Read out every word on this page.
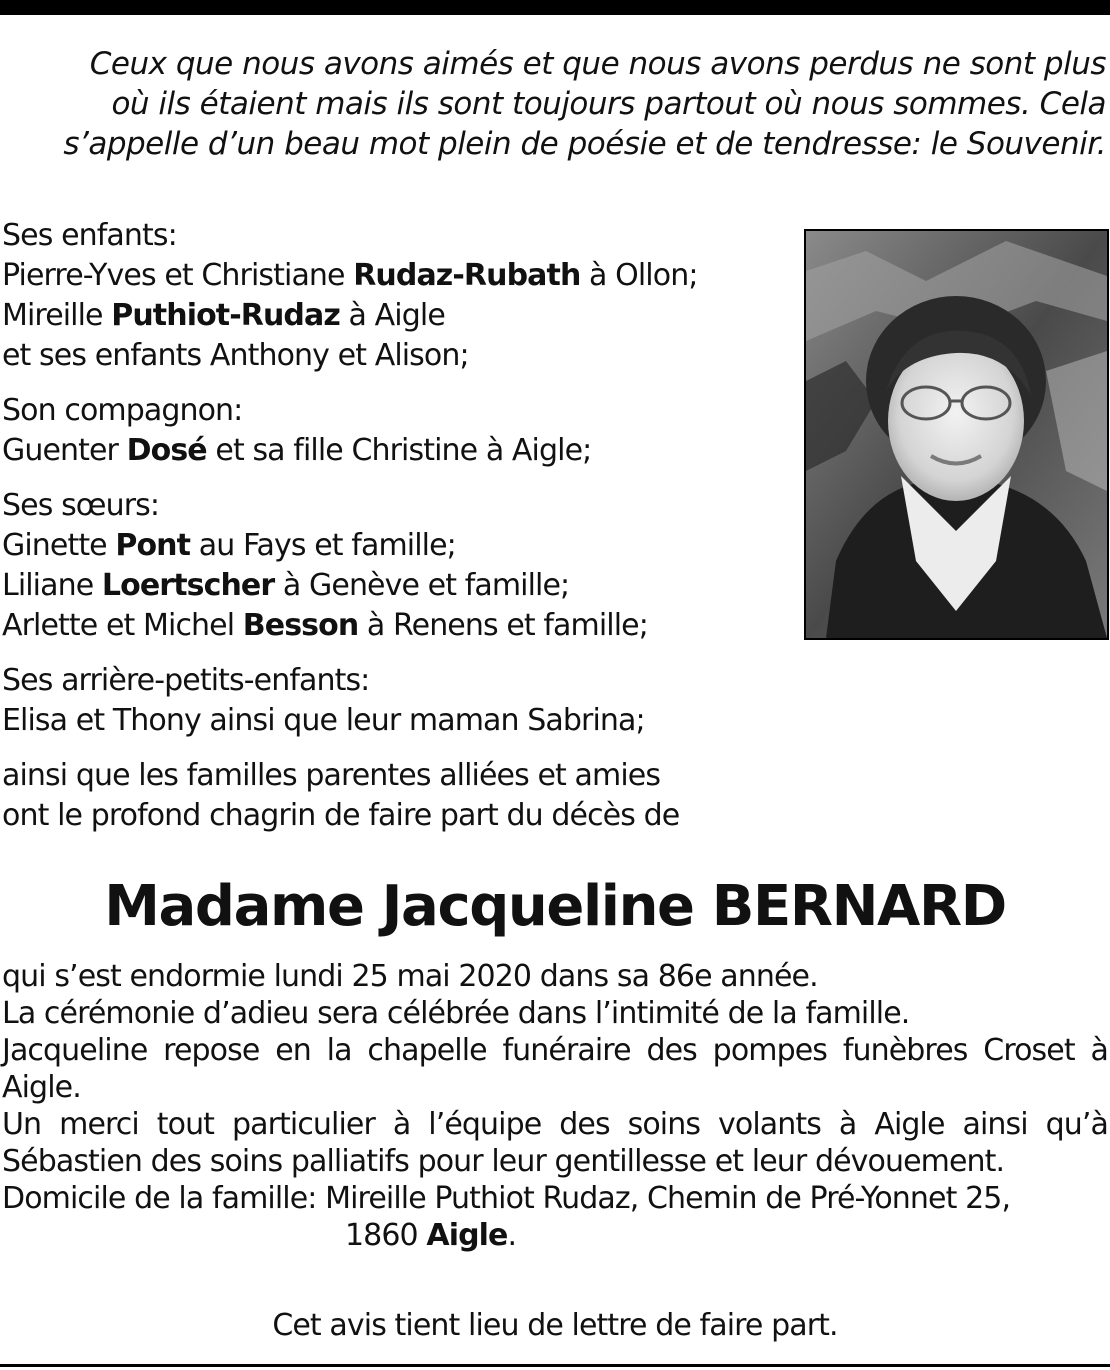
Ceux que nous avons aimés et que nous avons perdus ne sont plus
où ils étaient mais ils sont toujours partout où nous sommes. Cela
s’appelle d’un beau mot plein de poésie et de tendresse: le Souvenir.
Ses enfants:
Pierre-Yves et Christiane Rudaz-Rubath à Ollon;
Mireille Puthiot-Rudaz à Aigle
et ses enfants Anthony et Alison;
Son compagnon:
Guenter Dosé et sa fille Christine à Aigle;
Ses sœurs:
Ginette Pont au Fays et famille;
Liliane Loertscher à Genève et famille;
Arlette et Michel Besson à Renens et famille;
Ses arrière-petits-enfants:
Elisa et Thony ainsi que leur maman Sabrina;
ainsi que les familles parentes alliées et amies
ont le profond chagrin de faire part du décès de
Madame Jacqueline BERNARD
qui s’est endormie lundi 25 mai 2020 dans sa 86e année.
La cérémonie d’adieu sera célébrée dans l’intimité de la famille.
Jacqueline repose en la chapelle funéraire des pompes funèbres Croset à
Aigle.
Un merci tout particulier à l’équipe des soins volants à Aigle ainsi qu’à
Sébastien des soins palliatifs pour leur gentillesse et leur dévouement.
Domicile de la famille: Mireille Puthiot Rudaz, Chemin de Pré-Yonnet 25,
1860 Aigle.
Cet avis tient lieu de lettre de faire part.
